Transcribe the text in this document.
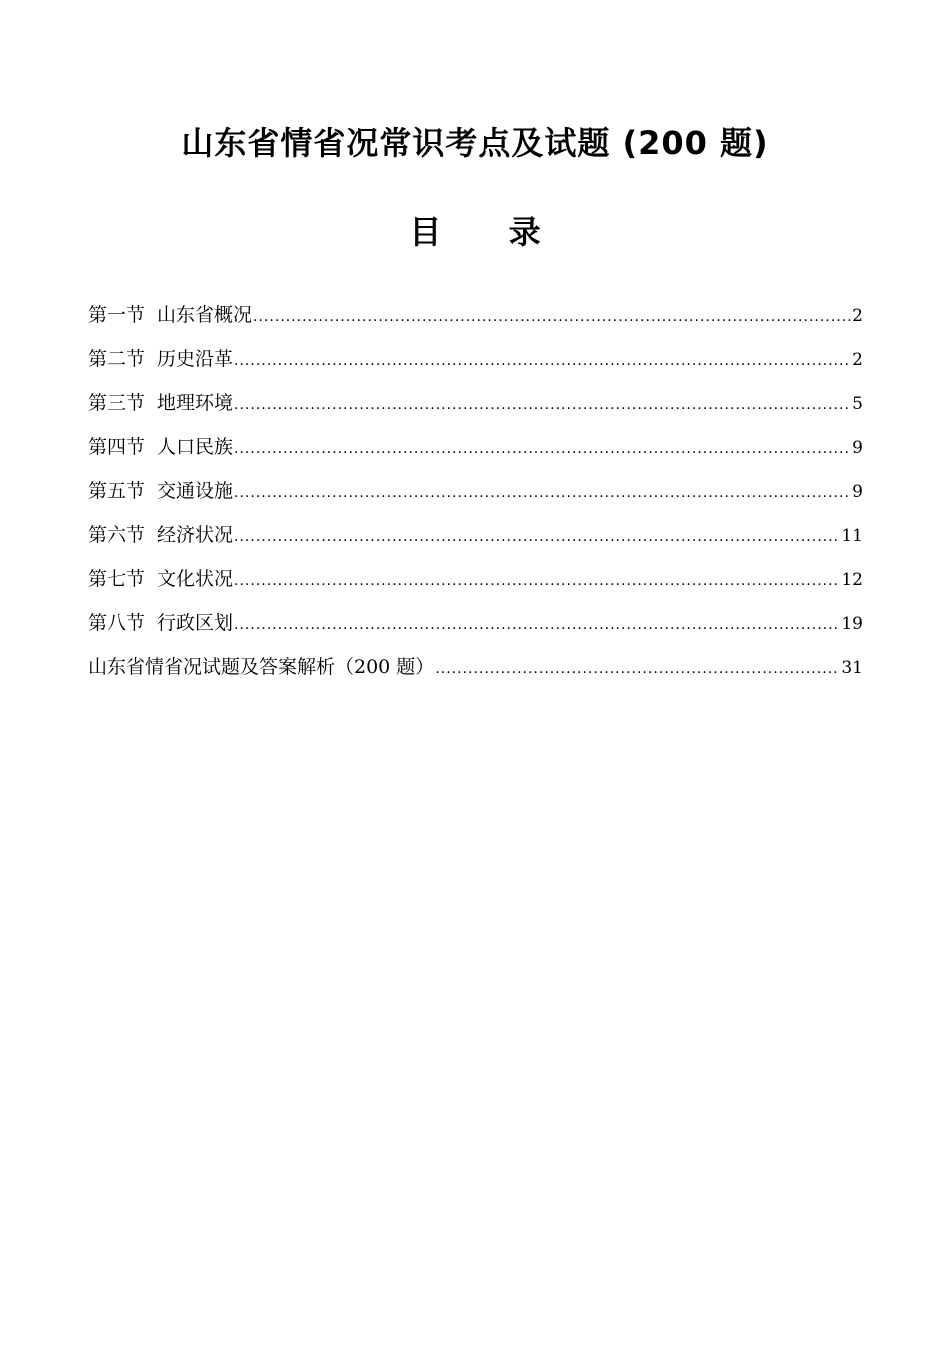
山东省情省况常识考点及试题 (200 题)
目 录
第一节 山东省概况 .....	2
第二节 历史沿革 .....	2
第三节 地理环境 .....	5
第四节 人口民族 .....	9
第五节 交通设施 .....	9
第六节 经济状况 .....	11
第七节 文化状况 .....	12
第八节 行政区划 .....	19
山东省情省况试题及答案解析（200 题） .....	31
